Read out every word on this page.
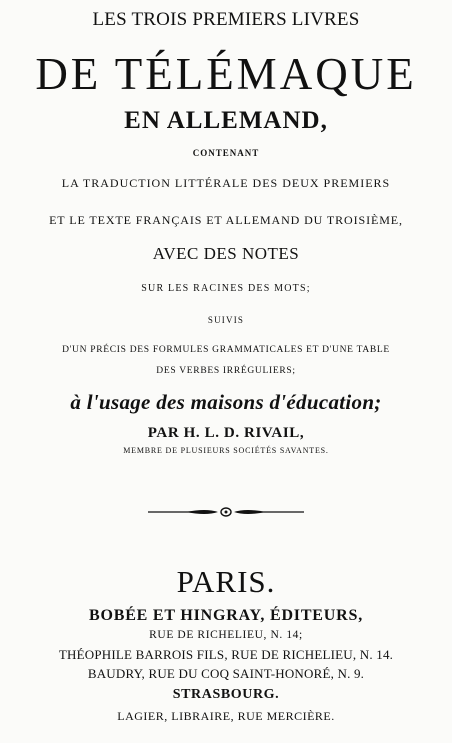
LES TROIS PREMIERS LIVRES
DE TÉLÉMAQUE
EN ALLEMAND,
CONTENANT
LA TRADUCTION LITTÉRALE DES DEUX PREMIERS
ET LE TEXTE FRANÇAIS ET ALLEMAND DU TROISIÈME,
AVEC DES NOTES
SUR LES RACINES DES MOTS;
SUIVIS
D'UN PRÉCIS DES FORMULES GRAMMATICALES ET D'UNE TABLE
DES VERBES IRRÉGULIERS;
à l'usage des maisons d'éducation;
PAR H. L. D. RIVAIL,
MEMBRE DE PLUSIEURS SOCIÉTÉS SAVANTES.
PARIS.
BOBÉE ET HINGRAY, ÉDITEURS,
RUE DE RICHELIEU, N. 14;
THÉOPHILE BARROIS FILS, RUE DE RICHELIEU, N. 14.
BAUDRY, RUE DU COQ SAINT-HONORÉ, N. 9.
STRASBOURG.
LAGIER, LIBRAIRE, RUE MERCIÈRE.
